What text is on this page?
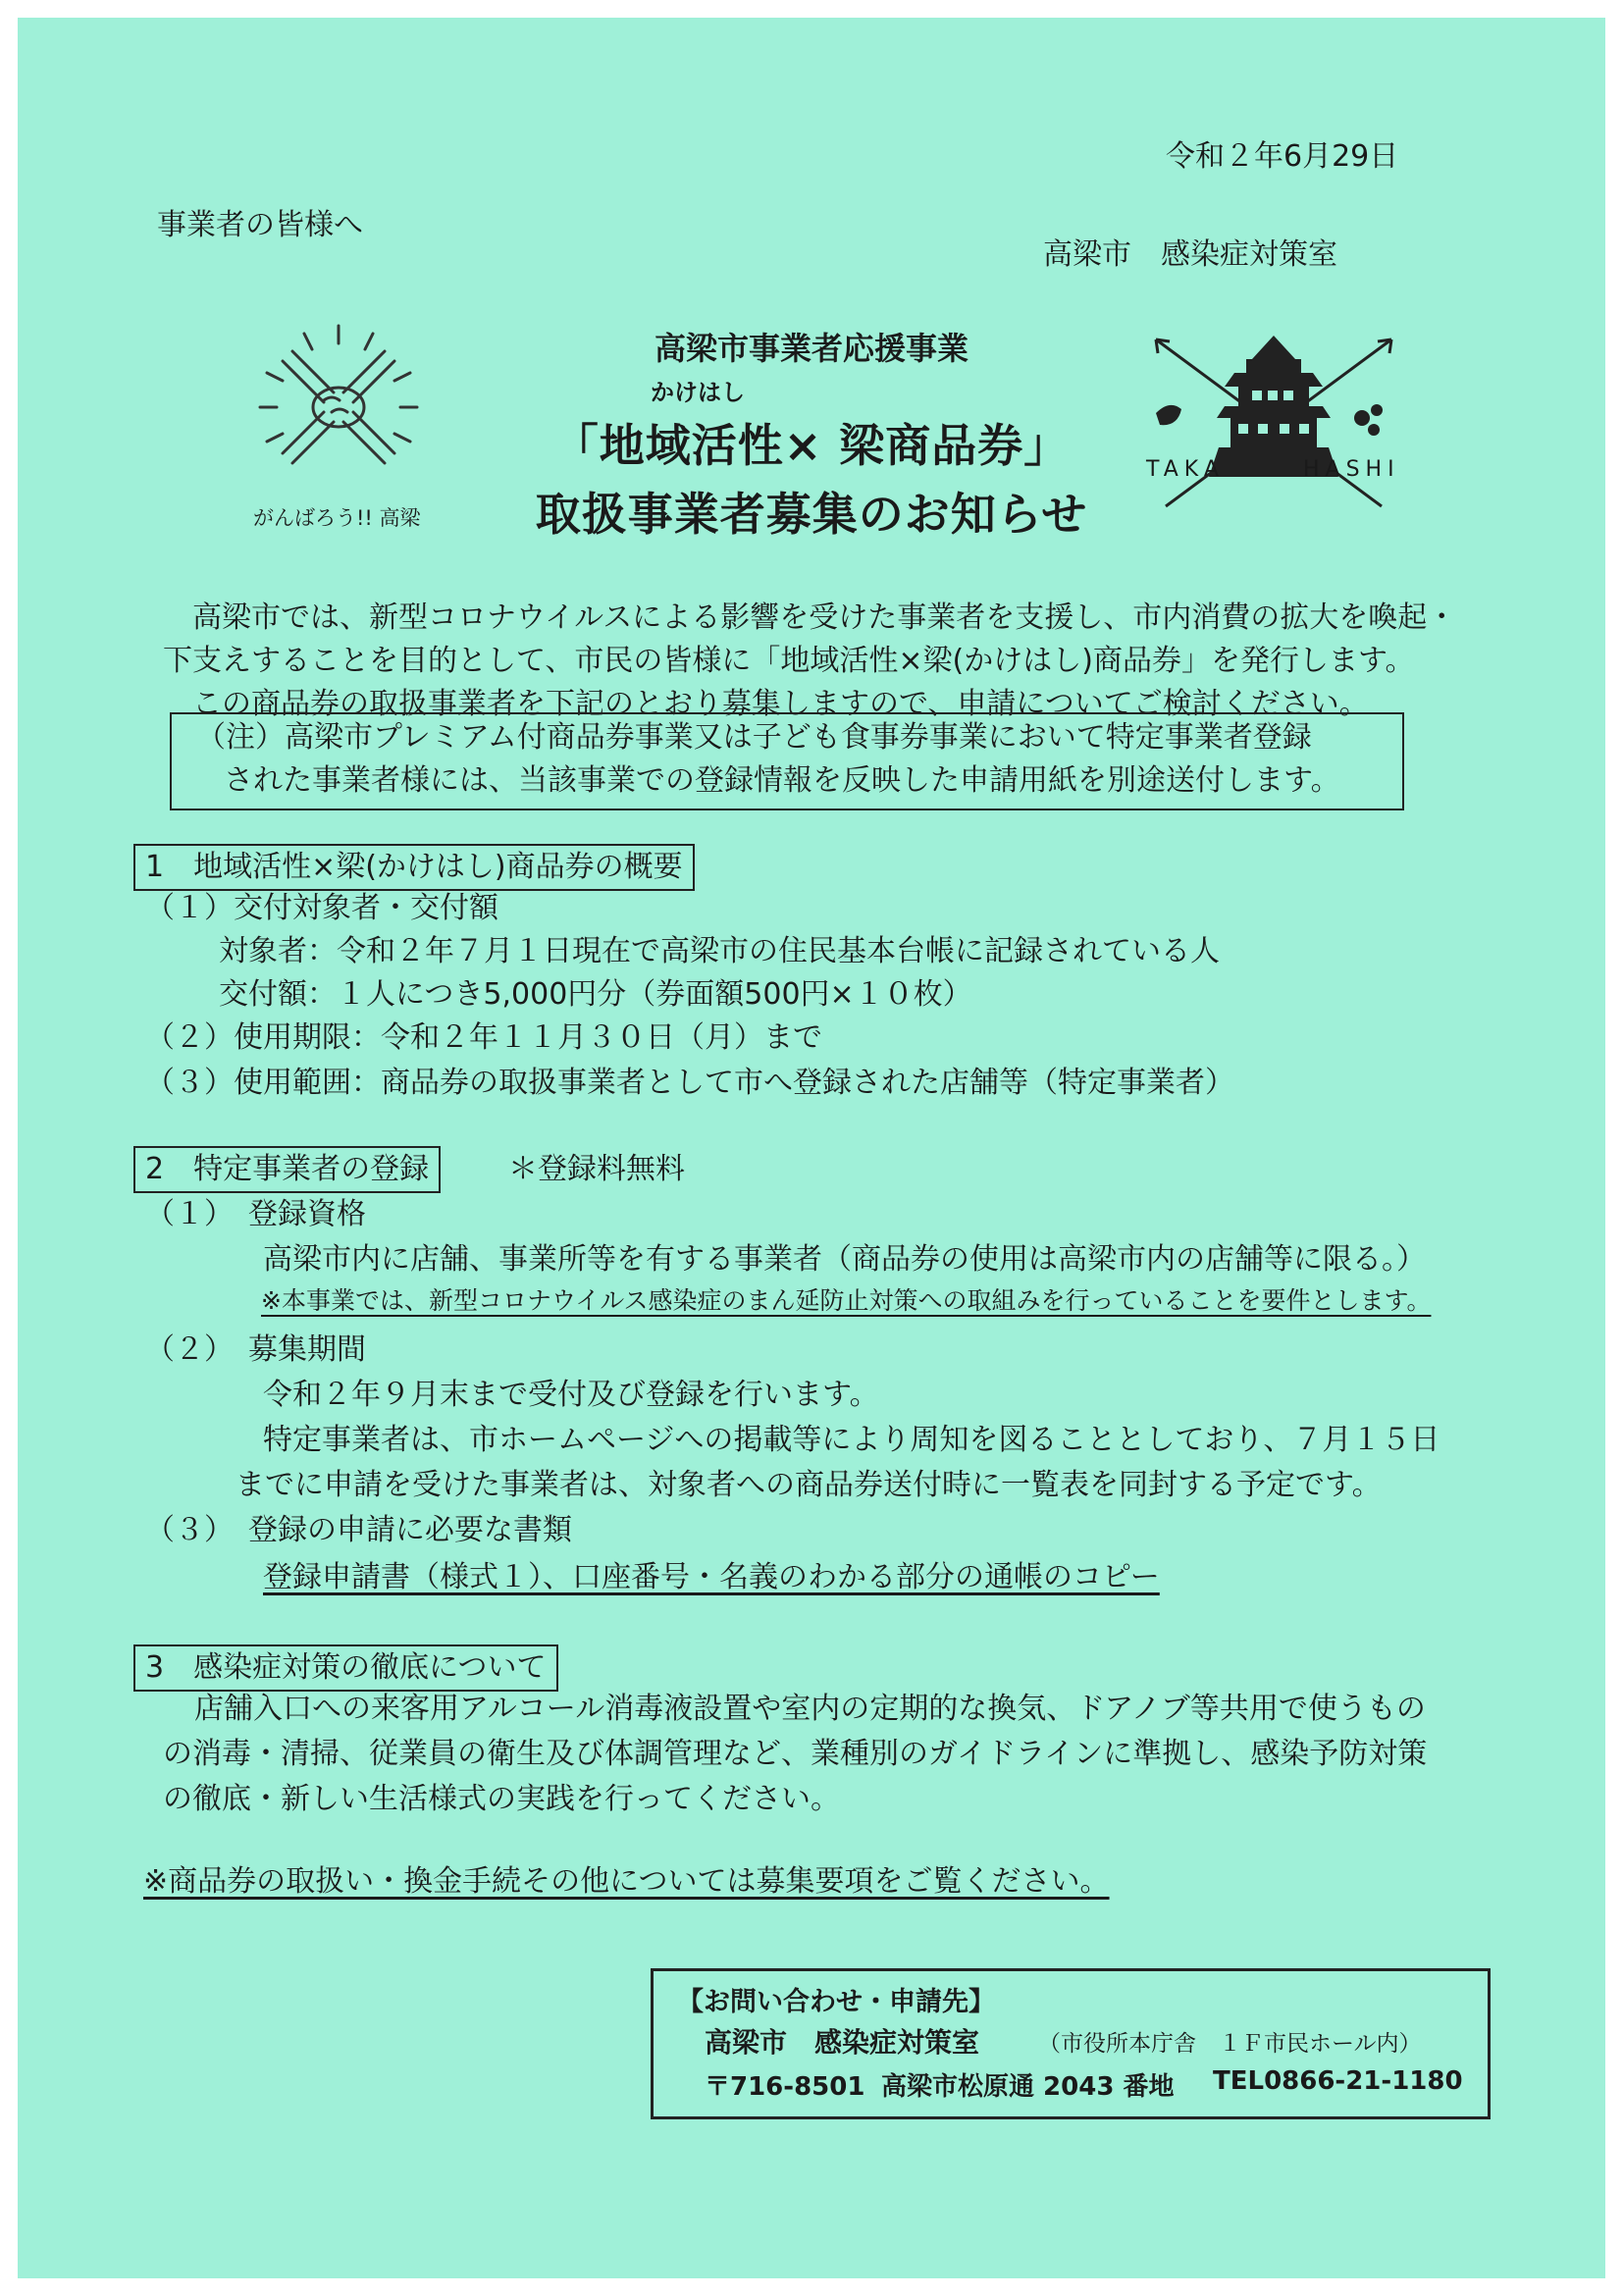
令和２年6月29日
事業者の皆様へ
高梁市　感染症対策室
がんばろう!! 高梁
高梁市事業者応援事業
かけはし
「地域活性× 梁商品券」
取扱事業者募集のお知らせ
TAKA	HASHI
高梁市では、新型コロナウイルスによる影響を受けた事業者を支援し、市内消費の拡大を喚起・
下支えすることを目的として、市民の皆様に「地域活性×梁(かけはし)商品券」を発行します。
この商品券の取扱事業者を下記のとおり募集しますので、申請についてご検討ください。
（注）高梁市プレミアム付商品券事業又は子ども食事券事業において特定事業者登録
された事業者様には、当該事業での登録情報を反映した申請用紙を別途送付します。
1　地域活性×梁(かけはし)商品券の概要
（１）交付対象者・交付額
対象者：令和２年７月１日現在で高梁市の住民基本台帳に記録されている人
交付額：１人につき5,000円分（券面額500円×１０枚）
（２）使用期限：令和２年１１月３０日（月）まで
（３）使用範囲：商品券の取扱事業者として市へ登録された店舗等（特定事業者）
2　特定事業者の登録	＊登録料無料
（１）　登録資格
高梁市内に店舗、事業所等を有する事業者（商品券の使用は高梁市内の店舗等に限る。）
※本事業では、新型コロナウイルス感染症のまん延防止対策への取組みを行っていることを要件とします。
（２）　募集期間
令和２年９月末まで受付及び登録を行います。
特定事業者は、市ホームページへの掲載等により周知を図ることとしており、７月１５日
までに申請を受けた事業者は、対象者への商品券送付時に一覧表を同封する予定です。
（３）　登録の申請に必要な書類
登録申請書（様式１）、口座番号・名義のわかる部分の通帳のコピー
3　感染症対策の徹底について
店舗入口への来客用アルコール消毒液設置や室内の定期的な換気、ドアノブ等共用で使うもの
の消毒・清掃、従業員の衛生及び体調管理など、業種別のガイドラインに準拠し、感染予防対策
の徹底・新しい生活様式の実践を行ってください。
※商品券の取扱い・換金手続その他については募集要項をご覧ください。
【お問い合わせ・申請先】
高梁市　感染症対策室	（市役所本庁舎　１Ｆ市民ホール内）
〒716-8501 高梁市松原通 2043 番地 TEL0866-21-1180
